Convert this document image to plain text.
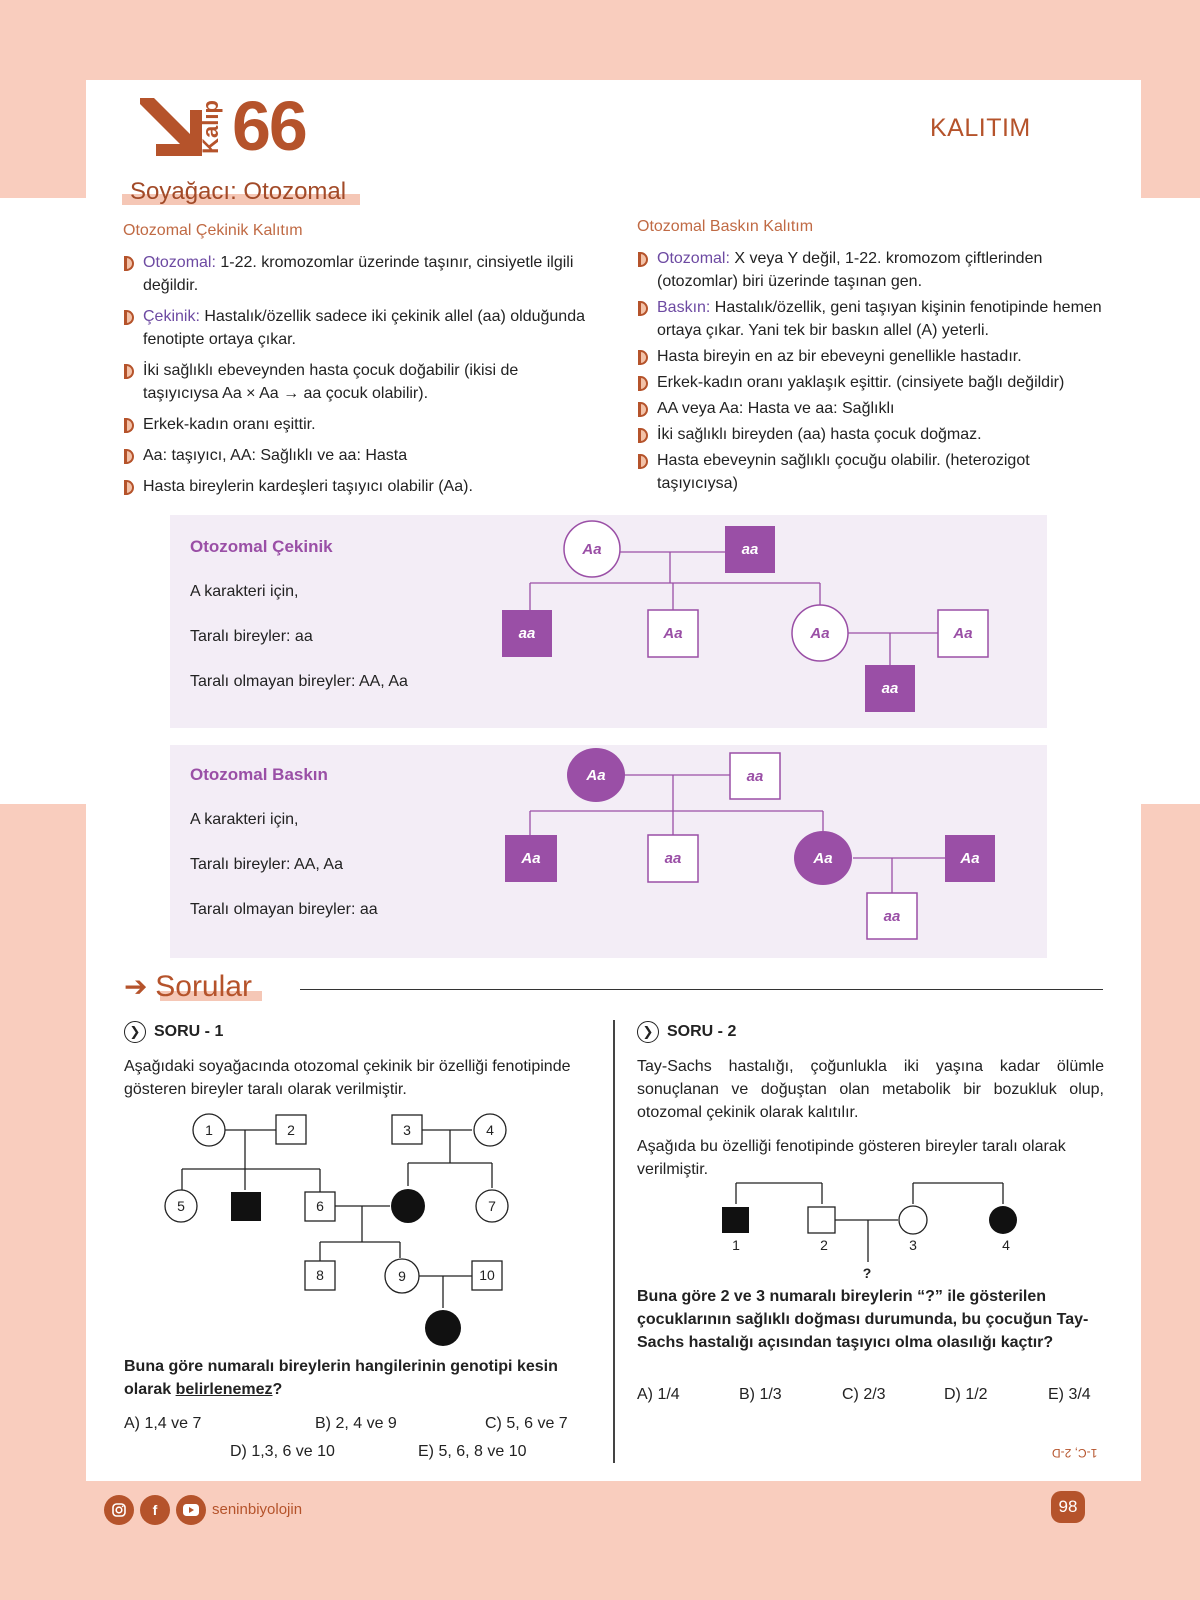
Kalıp 66	KALITIM
Soyağacı: Otozomal
Otozomal Çekinik Kalıtım
Otozomal: 1-22. kromozomlar üzerinde taşınır, cinsiyetle ilgili değildir.
Çekinik: Hastalık/özellik sadece iki çekinik allel (aa) olduğunda fenotipte ortaya çıkar.
İki sağlıklı ebeveynden hasta çocuk doğabilir (ikisi de taşıyıcıysa Aa × Aa → aa çocuk olabilir).
Erkek-kadın oranı eşittir.
Aa: taşıyıcı, AA: Sağlıklı ve aa: Hasta
Hasta bireylerin kardeşleri taşıyıcı olabilir (Aa).
Otozomal Baskın Kalıtım
Otozomal: X veya Y değil, 1-22. kromozom çiftlerinden (otozomlar) biri üzerinde taşınan gen.
Baskın: Hastalık/özellik, geni taşıyan kişinin fenotipinde hemen ortaya çıkar. Yani tek bir baskın allel (A) yeterli.
Hasta bireyin en az bir ebeveyni genellikle hastadır.
Erkek-kadın oranı yaklaşık eşittir. (cinsiyete bağlı değildir)
AA veya Aa: Hasta ve aa: Sağlıklı
İki sağlıklı bireyden (aa) hasta çocuk doğmaz.
Hasta ebeveynin sağlıklı çocuğu olabilir. (heterozigot taşıyıcıysa)
Otozomal Çekinik
A karakteri için,
Taralı bireyler: aa
Taralı olmayan bireyler: AA, Aa
Aa	aa
aa	Aa	Aa	Aa
aa
Otozomal Baskın
A karakteri için,
Taralı bireyler: AA, Aa
Taralı olmayan bireyler: aa
Aa	aa
Aa	aa	Aa	Aa
aa
➔ Sorular
❯ SORU - 1
Aşağıdaki soyağacında otozomal çekinik bir özelliği fenotipinde gösteren bireyler taralı olarak verilmiştir.
1	2	3	4
5	6	7
8	9	10
Buna göre numaralı bireylerin hangilerinin genotipi kesin olarak belirlenemez?
A) 1,4 ve 7	B) 2, 4 ve 9	C) 5, 6 ve 7
D) 1,3, 6 ve 10	E) 5, 6, 8 ve 10
❯ SORU - 2
Tay-Sachs hastalığı, çoğunlukla iki yaşına kadar ölümle sonuçlanan ve doğuştan olan metabolik bir bozukluk olup, otozomal çekinik olarak kalıtılır.
Aşağıda bu özelliği fenotipinde gösteren bireyler taralı olarak verilmiştir.
1	2	3	4
?
Buna göre 2 ve 3 numaralı bireylerin “?” ile gösterilen çocuklarının sağlıklı doğması durumunda, bu çocuğun Tay-Sachs hastalığı açısından taşıyıcı olma olasılığı kaçtır?
A) 1/4	B) 1/3	C) 2/3	D) 1/2	E) 3/4
1-C, 2-D
f	seninbiyolojin	98
